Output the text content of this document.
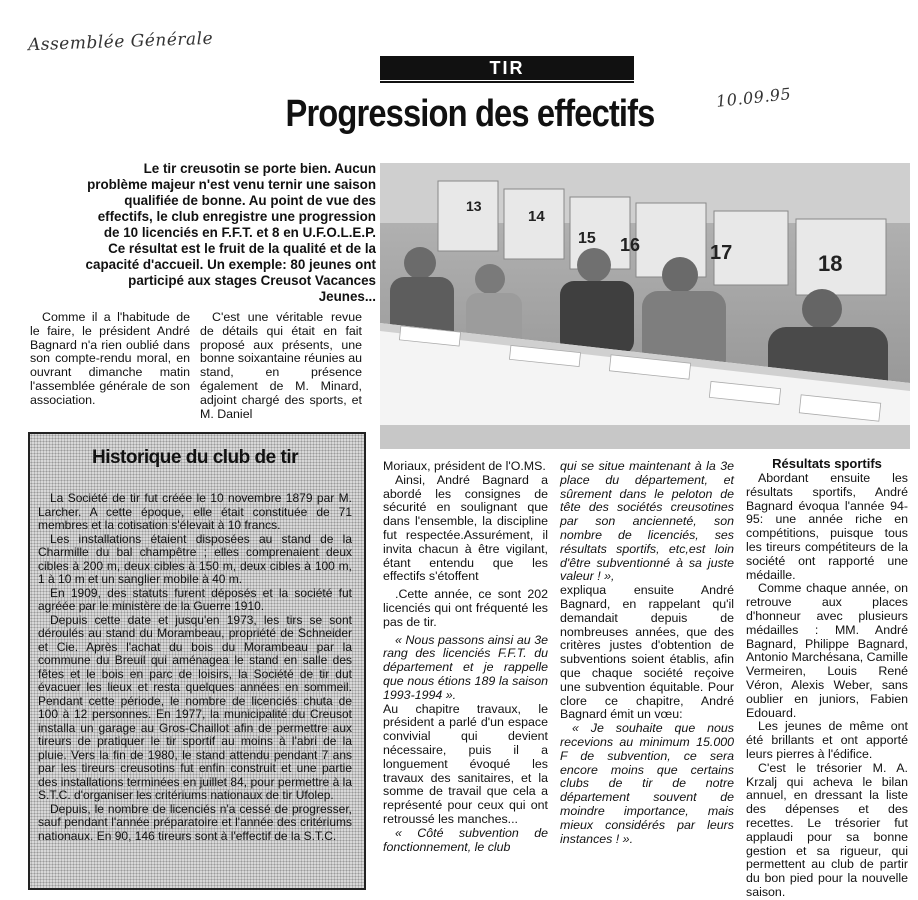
Assemblée Générale
10.09.95
TIR
Progression des effectifs
Le tir creusotin se porte bien. Aucun problème majeur n'est venu ternir une saison qualifiée de bonne. Au point de vue des effectifs, le club enregistre une progression de 10 licenciés en F.F.T. et 8 en U.F.O.L.E.P. Ce résultat est le fruit de la qualité et de la capacité d'accueil. Un exemple: 80 jeunes ont participé aux stages Creusot Vacances Jeunes...

Comme il a l'habitude de le faire, le président André Bagnard n'a rien oublié dans son compte-rendu moral, en ouvrant dimanche matin l'assemblée générale de son association.

C'est une véritable revue de détails qui était en fait proposé aux présents, une bonne soixantaine réunies au stand, en présence également de M. Minard, adjoint chargé des sports, et M. Daniel

13
14
15 16	17	18
Historique du club de tir

La Société de tir fut créée le 10 novembre 1879 par M. Larcher. A cette époque, elle était constituée de 71 membres et la cotisation s'élevait à 10 francs.

Les installations étaient disposées au stand de la Charmille du bal champêtre ; elles comprenaient deux cibles à 200 m, deux cibles à 150 m, deux cibles à 100 m, 1 à 10 m et un sanglier mobile à 40 m.

En 1909, des statuts furent déposés et la société fut agréée par le ministère de la Guerre 1910.

Depuis cette date et jusqu'en 1973, les tirs se sont déroulés au stand du Morambeau, propriété de Schneider et Cie. Après l'achat du bois du Morambeau par la commune du Breuil qui aménagea le stand en salle des fêtes et le bois en parc de loisirs, la Société de tir dut évacuer les lieux et resta quelques années en sommeil. Pendant cette période, le nombre de licenciés chuta de 100 à 12 personnes. En 1977, la municipalité du Creusot installa un garage au Gros-Chaillot afin de permettre aux tireurs de pratiquer le tir sportif au moins à l'abri de la pluie. Vers la fin de 1980, le stand attendu pendant 7 ans par les tireurs creusotins fut enfin construit et une partie des installations terminées en juillet 84, pour permettre à la S.T.C. d'organiser les critériums nationaux de tir Ufolep.

Depuis, le nombre de licenciés n'a cessé de progresser, sauf pendant l'année préparatoire et l'année des critériums nationaux. En 90, 146 tireurs sont à l'effectif de la S.T.C.

Moriaux, président de l'O.MS.

Ainsi, André Bagnard a abordé les consignes de sécurité en soulignant que dans l'ensemble, la discipline fut respectée.Assurément, il invita chacun à être vigilant, étant entendu que les effectifs s'étoffent

.Cette année, ce sont 202 licenciés qui ont fréquenté les pas de tir.

« Nous passons ainsi au 3e rang des licenciés F.F.T. du département et je rappelle que nous étions 189 la saison 1993-1994 ».

Au chapitre travaux, le président a parlé d'un espace convivial qui devient nécessaire, puis il a longuement évoqué les travaux des sanitaires, et la somme de travail que cela a représenté pour ceux qui ont retroussé les manches...

« Côté subvention de fonctionnement, le club

qui se situe maintenant à la 3e place du département, et sûrement dans le peloton de tête des sociétés creusotines par son ancienneté, son nombre de licenciés, ses résultats sportifs, etc,est loin d'être subventionné à sa juste valeur ! »,

expliqua ensuite André Bagnard, en rappelant qu'il demandait depuis de nombreuses années, que des critères justes d'obtention de subventions soient établis, afin que chaque société reçoive une subvention équitable. Pour clore ce chapitre, André Bagnard émit un vœu:

« Je souhaite que nous recevions au minimum 15.000 F de subvention, ce sera encore moins que certains clubs de tir de notre département souvent de moindre importance, mais mieux considérés par leurs instances ! ».

Résultats sportifs

Abordant ensuite les résultats sportifs, André Bagnard évoqua l'année 94-95: une année riche en compétitions, puisque tous les tireurs compétiteurs de la société ont rapporté une médaille.

Comme chaque année, on retrouve aux places d'honneur avec plusieurs médailles : MM. André Bagnard, Philippe Bagnard, Antonio Marchésana, Camille Vermeiren, Louis René Véron, Alexis Weber, sans oublier en juniors, Fabien Edouard.

Les jeunes de même ont été brillants et ont apporté leurs pierres à l'édifice.

C'est le trésorier M. A. Krzalj qui acheva le bilan annuel, en dressant la liste des dépenses et des recettes. Le trésorier fut applaudi pour sa bonne gestion et sa rigueur, qui permettent au club de partir du bon pied pour la nouvelle saison.
